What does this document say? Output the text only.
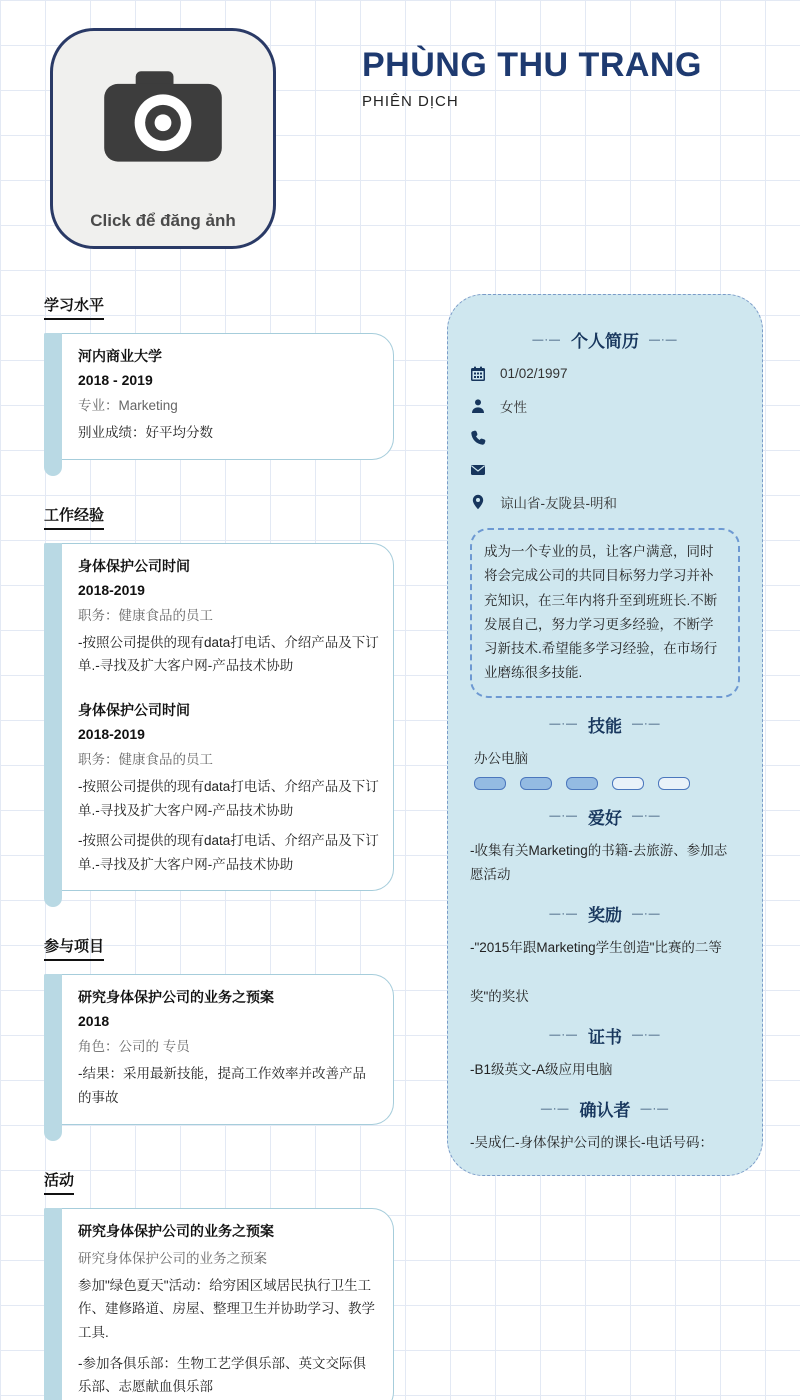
Click để đăng ảnh
PHÙNG THU TRANG
PHIÊN DỊCH
学习水平

河内商业大学

2018 - 2019

专业：Marketing

别业成绩：好平均分数

工作经验

身体保护公司时间

2018-2019

职务：健康食品的员工

-按照公司提供的现有data打电话、介绍产品及下订单.-寻找及扩大客户网-产品技术协助

身体保护公司时间

2018-2019

职务：健康食品的员工

-按照公司提供的现有data打电话、介绍产品及下订单.-寻找及扩大客户网-产品技术协助

-按照公司提供的现有data打电话、介绍产品及下订单.-寻找及扩大客户网-产品技术协助

参与项目

研究身体保护公司的业务之预案

2018

角色：公司的 专员

-结果：采用最新技能，提高工作效率并改善产品的事故

活动

研究身体保护公司的业务之预案

研究身体保护公司的业务之预案

参加"绿色夏天"活动：给穷困区域居民执行卫生工作、建修路道、房屋、整理卫生并协助学习、教学工具.

-参加各俱乐部：生物工艺学俱乐部、英文交际俱乐部、志愿献血俱乐部

—·— 个人简历 —·—
01/02/1997
女性
谅山省-友陇县-明和
成为一个专业的员，让客户满意，同时将会完成公司的共同目标努力学习并补充知识，在三年内将升至到班班长.不断发展自己，努力学习更多经验，不断学习新技术.希望能多学习经验，在市场行业磨练很多技能.
—·— 技能 —·—
办公电脑
—·— 爱好 —·—
-收集有关Marketing的书籍-去旅游、参加志愿活动
—·— 奖励 —·—
-"2015年跟Marketing学生创造"比赛的二等
奖"的奖状
—·— 证书 —·—
-B1级英文-A级应用电脑
—·— 确认者 —·—
-吴成仁-身体保护公司的课长-电话号码：
